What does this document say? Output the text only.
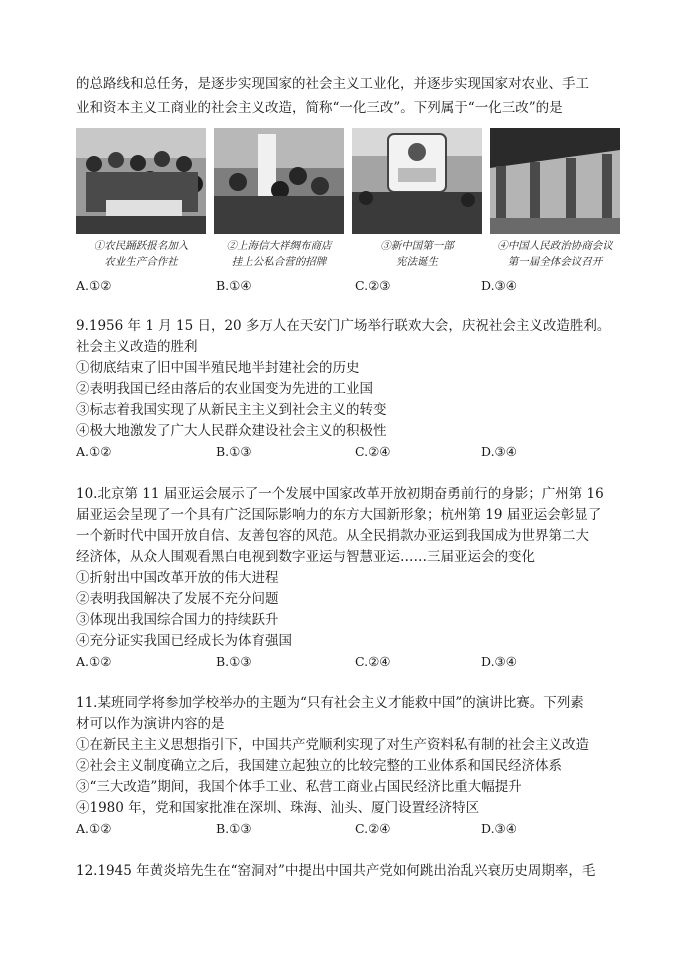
的总路线和总任务，是逐步实现国家的社会主义工业化，并逐步实现国家对农业、手工
业和资本主义工商业的社会主义改造，简称“一化三改”。下列属于“一化三改”的是
①农民踊跃报名加入
农业生产合作社
②上海信大祥绸布商店
挂上公私合营的招牌
③新中国第一部
宪法诞生
④中国人民政治协商会议
第一届全体会议召开
A.①②	B.①④	C.②③	D.③④
9.1956 年 1 月 15 日，20 多万人在天安门广场举行联欢大会，庆祝社会主义改造胜利。
社会主义改造的胜利
①彻底结束了旧中国半殖民地半封建社会的历史
②表明我国已经由落后的农业国变为先进的工业国
③标志着我国实现了从新民主主义到社会主义的转变
④极大地激发了广大人民群众建设社会主义的积极性
A.①②	B.①③	C.②④	D.③④
10.北京第 11 届亚运会展示了一个发展中国家改革开放初期奋勇前行的身影；广州第 16
届亚运会呈现了一个具有广泛国际影响力的东方大国新形象；杭州第 19 届亚运会彰显了
一个新时代中国开放自信、友善包容的风范。从全民捐款办亚运到我国成为世界第二大
经济体，从众人围观看黑白电视到数字亚运与智慧亚运……三届亚运会的变化
①折射出中国改革开放的伟大进程
②表明我国解决了发展不充分问题
③体现出我国综合国力的持续跃升
④充分证实我国已经成长为体育强国
A.①②	B.①③	C.②④	D.③④
11.某班同学将参加学校举办的主题为“只有社会主义才能救中国”的演讲比赛。下列素
材可以作为演讲内容的是
①在新民主主义思想指引下，中国共产党顺利实现了对生产资料私有制的社会主义改造
②社会主义制度确立之后，我国建立起独立的比较完整的工业体系和国民经济体系
③“三大改造”期间，我国个体手工业、私营工商业占国民经济比重大幅提升
④1980 年，党和国家批准在深圳、珠海、汕头、厦门设置经济特区
A.①②	B.①③	C.②④	D.③④
12.1945 年黄炎培先生在“窑洞对”中提出中国共产党如何跳出治乱兴衰历史周期率，毛
